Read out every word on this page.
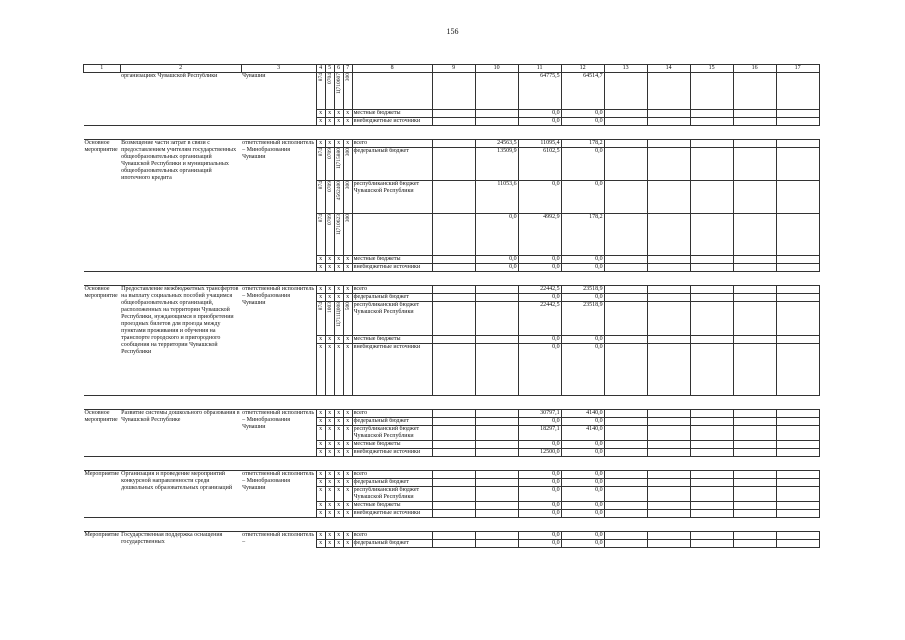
156
1	2	3	4	5	6	7	8	9	10	11	12	13	14	15	16	17
	организациях Чувашской Республики	Чувашии	874	0704	Ц710607	300				64775,5	64514,7					
			x	x	x	x	местные бюджеты			0,0	0,0					
			x	x	x	x	внебюджетные источники			0,0	0,0					

Основное мероприятие	Возмещение части затрат в связи с предоставлением учителям государственных общеобразовательных организаций Чувашской Республики и муниципальных общеобразовательных организаций ипотечного кредита	ответственный исполнитель – Минобразования Чувашии	x	x	x	x	всего		24563,5	11095,4	178,2					
			874	0709	Ц715880	300	федеральный бюджет		13509,9	6102,5	0,0					
			874	0709	4562400	300	республиканский бюджет Чувашской Республики		11053,6	0,0	0,0					
			874	0709	Ц710623	300			0,0	4992,9	178,2					
			x	x	x	x	местные бюджеты		0,0	0,0	0,0					
			x	x	x	x	внебюджетные источники		0,0	0,0	0,0					

Основное мероприятие	Предоставление межбюджетных трансфертов на выплату социальных пособий учащимся общеобразовательных организаций, расположенных на территории Чувашской Республики, нуждающимся в приобретении проездных билетов для проезда между пунктами проживания и обучения на транспорте городского и пригородного сообщения на территории Чувашской Республики	ответственный исполнитель – Минобразования Чувашии	x	x	x	x	всего			22442,5	23518,9					
			x	x	x	x	федеральный бюджет			0,0	0,0					
			874	1003	Ц711Ц008	500	республиканский бюджет Чувашской Республики			22442,5	23518,9					
			x	x	x	x	местные бюджеты			0,0	0,0					
			x	x	x	x	внебюджетные источники			0,0	0,0					

Основное мероприятие	Развитие системы дошкольного образования в Чувашской Республике	ответственный исполнитель – Минобразования Чувашии	x	x	x	x	всего			30797,1	4140,0					
			x	x	x	x	федеральный бюджет			0,0	0,0					
			x	x	x	x	республиканский бюджет Чувашской Республики			18297,1	4140,0					
			x	x	x	x	местные бюджеты			0,0	0,0					
			x	x	x	x	внебюджетные источники			12500,0	0,0					

Мероприятие	Организация и проведение мероприятий конкурсной направленности среди дошкольных образовательных организаций	ответственный исполнитель – Минобразования Чувашии	x	x	x	x	всего			0,0	0,0					
			x	x	x	x	федеральный бюджет			0,0	0,0					
			x	x	x	x	республиканский бюджет Чувашской Республики			0,0	0,0					
			x	x	x	x	местные бюджеты			0,0	0,0					
			x	x	x	x	внебюджетные источники			0,0	0,0					

Мероприятие	Государственная поддержка оснащения государственных	ответственный исполнитель –	x	x	x	x	всего			0,0	0,0					
			x	x	x	x	федеральный бюджет			0,0	0,0					
